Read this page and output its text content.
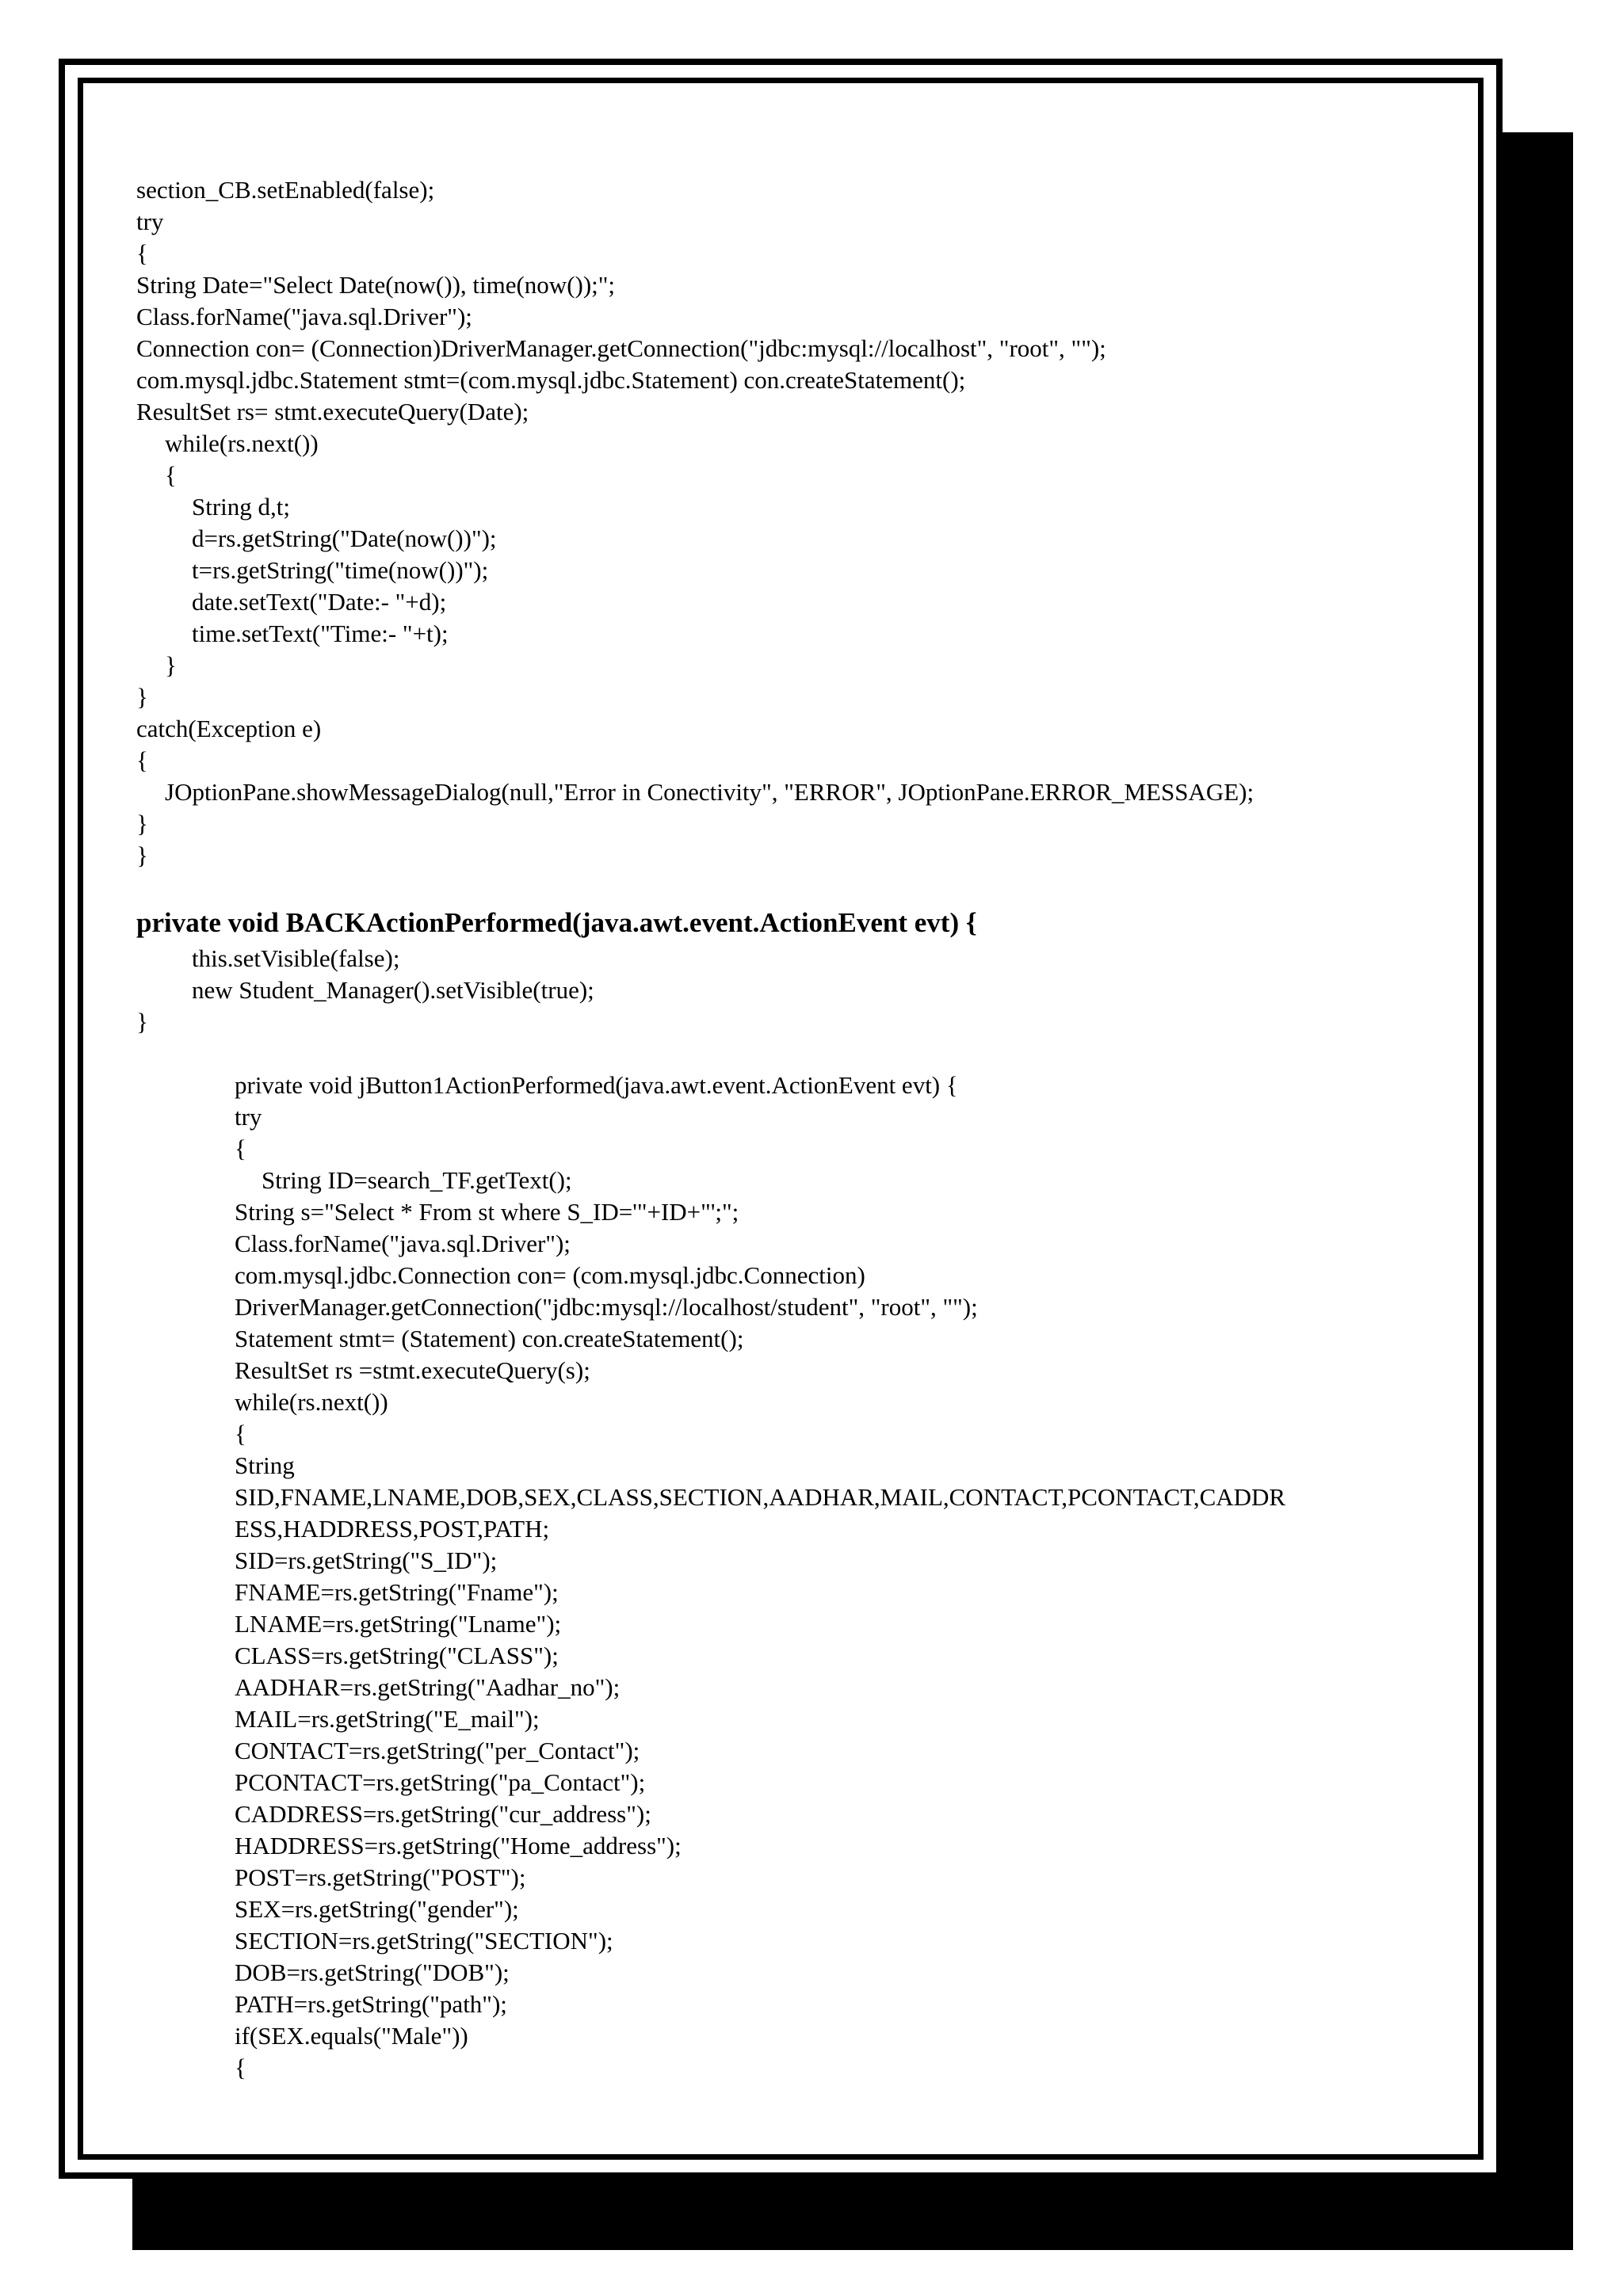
section_CB.setEnabled(false);
try
{
String Date="Select Date(now()), time(now());";
Class.forName("java.sql.Driver");
Connection con= (Connection)DriverManager.getConnection("jdbc:mysql://localhost", "root", "");
com.mysql.jdbc.Statement stmt=(com.mysql.jdbc.Statement) con.createStatement();
ResultSet rs= stmt.executeQuery(Date);
while(rs.next())
{
String d,t;
d=rs.getString("Date(now())");
t=rs.getString("time(now())");
date.setText("Date:- "+d);
time.setText("Time:- "+t);
}
}
catch(Exception e)
{
JOptionPane.showMessageDialog(null,"Error in Conectivity", "ERROR", JOptionPane.ERROR_MESSAGE);
}
}
private void BACKActionPerformed(java.awt.event.ActionEvent evt) {
this.setVisible(false);
new Student_Manager().setVisible(true);
}
private void jButton1ActionPerformed(java.awt.event.ActionEvent evt) {
try
{
String ID=search_TF.getText();
String s="Select * From st where S_ID='"+ID+"';";
Class.forName("java.sql.Driver");
com.mysql.jdbc.Connection con= (com.mysql.jdbc.Connection)
DriverManager.getConnection("jdbc:mysql://localhost/student", "root", "");
Statement stmt= (Statement) con.createStatement();
ResultSet rs =stmt.executeQuery(s);
while(rs.next())
{
String
SID,FNAME,LNAME,DOB,SEX,CLASS,SECTION,AADHAR,MAIL,CONTACT,PCONTACT,CADDR
ESS,HADDRESS,POST,PATH;
SID=rs.getString("S_ID");
FNAME=rs.getString("Fname");
LNAME=rs.getString("Lname");
CLASS=rs.getString("CLASS");
AADHAR=rs.getString("Aadhar_no");
MAIL=rs.getString("E_mail");
CONTACT=rs.getString("per_Contact");
PCONTACT=rs.getString("pa_Contact");
CADDRESS=rs.getString("cur_address");
HADDRESS=rs.getString("Home_address");
POST=rs.getString("POST");
SEX=rs.getString("gender");
SECTION=rs.getString("SECTION");
DOB=rs.getString("DOB");
PATH=rs.getString("path");
if(SEX.equals("Male"))
{
